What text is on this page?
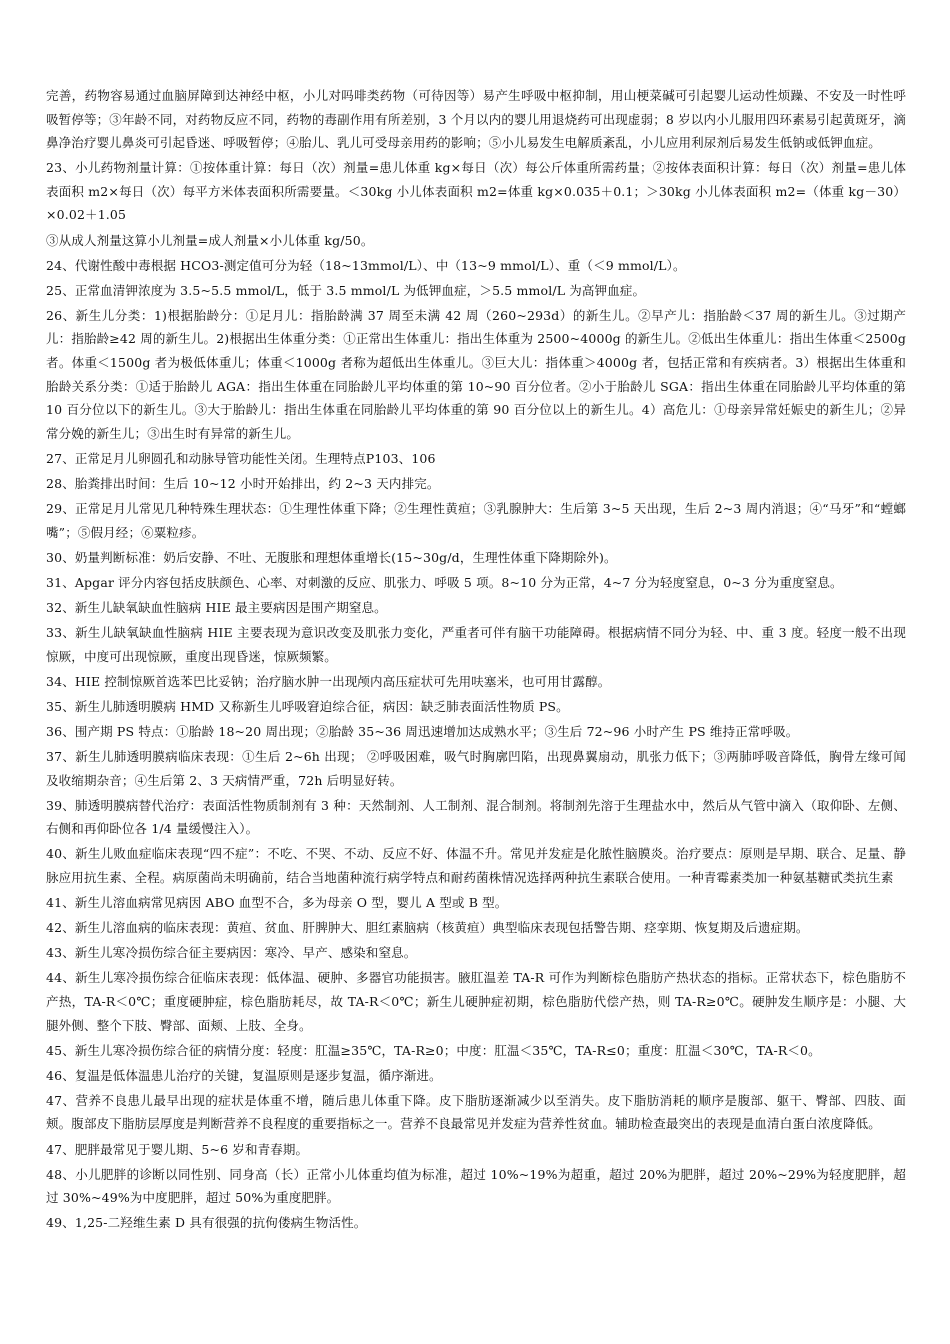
完善，药物容易通过血脑屏障到达神经中枢，小儿对吗啡类药物（可待因等）易产生呼吸中枢抑制，用山梗菜碱可引起婴儿运动性烦躁、不安及一时性呼吸暂停等；③年龄不同，对药物反应不同，药物的毒副作用有所差别，3 个月以内的婴儿用退烧药可出现虚弱；8 岁以内小儿服用四环素易引起黄斑牙，滴鼻净治疗婴儿鼻炎可引起昏迷、呼吸暂停；④胎儿、乳儿可受母亲用药的影响；⑤小儿易发生电解质紊乱，小儿应用利尿剂后易发生低钠或低钾血症。

23、小儿药物剂量计算：①按体重计算：每日（次）剂量=患儿体重 kg×每日（次）每公斤体重所需药量；②按体表面积计算：每日（次）剂量=患儿体表面积 m2×每日（次）每平方米体表面积所需要量。＜30kg 小儿体表面积 m2=体重 kg×0.035＋0.1；＞30kg 小儿体表面积 m2=（体重 kg－30）×0.02＋1.05

③从成人剂量这算小儿剂量=成人剂量×小儿体重 kg/50。

24、代谢性酸中毒根据 HCO3-测定值可分为轻（18~13mmol/L）、中（13~9 mmol/L）、重（＜9 mmol/L）。

25、正常血清钾浓度为 3.5~5.5 mmol/L，低于 3.5 mmol/L 为低钾血症，＞5.5 mmol/L 为高钾血症。

26、新生儿分类：1)根据胎龄分：①足月儿：指胎龄满 37 周至未满 42 周（260~293d）的新生儿。②早产儿：指胎龄＜37 周的新生儿。③过期产儿：指胎龄≥42 周的新生儿。2)根据出生体重分类：①正常出生体重儿：指出生体重为 2500~4000g 的新生儿。②低出生体重儿：指出生体重＜2500g 者。体重＜1500g 者为极低体重儿；体重＜1000g 者称为超低出生体重儿。③巨大儿：指体重＞4000g 者，包括正常和有疾病者。3）根据出生体重和胎龄关系分类：①适于胎龄儿 AGA：指出生体重在同胎龄儿平均体重的第 10~90 百分位者。②小于胎龄儿 SGA：指出生体重在同胎龄儿平均体重的第 10 百分位以下的新生儿。③大于胎龄儿：指出生体重在同胎龄儿平均体重的第 90 百分位以上的新生儿。4）高危儿：①母亲异常妊娠史的新生儿；②异常分娩的新生儿；③出生时有异常的新生儿。

27、正常足月儿卵圆孔和动脉导管功能性关闭。生理特点P103、106

28、胎粪排出时间：生后 10~12 小时开始排出，约 2~3 天内排完。

29、正常足月儿常见几种特殊生理状态：①生理性体重下降；②生理性黄疸；③乳腺肿大：生后第 3~5 天出现，生后 2~3 周内消退；④“马牙”和“螳螂嘴”；⑤假月经；⑥粟粒疹。

30、奶量判断标准：奶后安静、不吐、无腹胀和理想体重增长(15~30g/d，生理性体重下降期除外)。

31、Apgar 评分内容包括皮肤颜色、心率、对刺激的反应、肌张力、呼吸 5 项。8~10 分为正常，4~7 分为轻度窒息，0~3 分为重度窒息。

32、新生儿缺氧缺血性脑病 HIE 最主要病因是围产期窒息。

33、新生儿缺氧缺血性脑病 HIE 主要表现为意识改变及肌张力变化，严重者可伴有脑干功能障碍。根据病情不同分为轻、中、重 3 度。轻度一般不出现惊厥，中度可出现惊厥，重度出现昏迷，惊厥频繁。

34、HIE 控制惊厥首选苯巴比妥钠；治疗脑水肿一出现颅内高压症状可先用呋塞米，也可用甘露醇。

35、新生儿肺透明膜病 HMD 又称新生儿呼吸窘迫综合征，病因：缺乏肺表面活性物质 PS。

36、围产期 PS 特点：①胎龄 18~20 周出现；②胎龄 35~36 周迅速增加达成熟水平；③生后 72~96 小时产生 PS 维持正常呼吸。

37、新生儿肺透明膜病临床表现：①生后 2~6h 出现； ②呼吸困难，吸气时胸廓凹陷，出现鼻翼扇动，肌张力低下；③两肺呼吸音降低，胸骨左缘可闻及收缩期杂音；④生后第 2、3 天病情严重，72h 后明显好转。

39、肺透明膜病替代治疗：表面活性物质制剂有 3 种：天然制剂、人工制剂、混合制剂。将制剂先溶于生理盐水中，然后从气管中滴入（取仰卧、左侧、右侧和再仰卧位各 1/4 量缓慢注入）。

40、新生儿败血症临床表现“四不症”：不吃、不哭、不动、反应不好、体温不升。常见并发症是化脓性脑膜炎。治疗要点：原则是早期、联合、足量、静脉应用抗生素、全程。病原菌尚未明确前，结合当地菌种流行病学特点和耐药菌株情况选择两种抗生素联合使用。一种青霉素类加一种氨基糖甙类抗生素

41、新生儿溶血病常见病因 ABO 血型不合，多为母亲 O 型，婴儿 A 型或 B 型。

42、新生儿溶血病的临床表现：黄疸、贫血、肝脾肿大、胆红素脑病（核黄疸）典型临床表现包括警告期、痉挛期、恢复期及后遗症期。

43、新生儿寒冷损伤综合征主要病因：寒冷、早产、感染和窒息。

44、新生儿寒冷损伤综合征临床表现：低体温、硬肿、多器官功能损害。腋肛温差 TA-R 可作为判断棕色脂肪产热状态的指标。正常状态下，棕色脂肪不产热，TA-R＜0℃；重度硬肿症，棕色脂肪耗尽，故 TA-R＜0℃；新生儿硬肿症初期，棕色脂肪代偿产热，则 TA-R≥0℃。硬肿发生顺序是：小腿、大腿外侧、整个下肢、臀部、面颊、上肢、全身。

45、新生儿寒冷损伤综合征的病情分度：轻度：肛温≥35℃，TA-R≥0；中度：肛温＜35℃，TA-R≤0；重度：肛温＜30℃，TA-R＜0。

46、复温是低体温患儿治疗的关键，复温原则是逐步复温，循序渐进。

47、营养不良患儿最早出现的症状是体重不增，随后患儿体重下降。皮下脂肪逐渐减少以至消失。皮下脂肪消耗的顺序是腹部、躯干、臀部、四肢、面颊。腹部皮下脂肪层厚度是判断营养不良程度的重要指标之一。营养不良最常见并发症为营养性贫血。辅助检查最突出的表现是血清白蛋白浓度降低。

47、肥胖最常见于婴儿期、5~6 岁和青春期。

48、小儿肥胖的诊断以同性别、同身高（长）正常小儿体重均值为标准，超过 10%~19%为超重，超过 20%为肥胖，超过 20%~29%为轻度肥胖，超过 30%~49%为中度肥胖，超过 50%为重度肥胖。

49、1,25-二羟维生素 D 具有很强的抗佝偻病生物活性。
